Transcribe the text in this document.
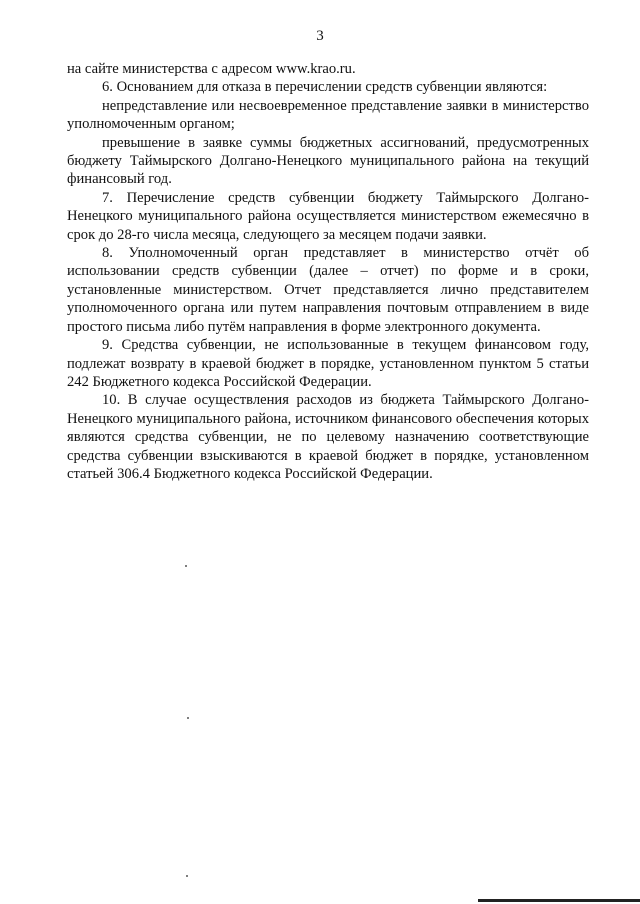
3

на сайте министерства с адресом www.krao.ru.

6. Основанием для отказа в перечислении средств субвенции являются:

непредставление или несвоевременное представление заявки в министерство уполномоченным органом;

превышение в заявке суммы бюджетных ассигнований, предусмотренных бюджету Таймырского Долгано-Ненецкого муниципального района на текущий финансовый год.

7. Перечисление средств субвенции бюджету Таймырского Долгано-Ненецкого муниципального района осуществляется министерством ежемесячно в срок до 28-го числа месяца, следующего за месяцем подачи заявки.

8. Уполномоченный орган представляет в министерство отчёт об использовании средств субвенции (далее – отчет) по форме и в сроки, установленные министерством. Отчет представляется лично представителем уполномоченного органа или путем направления почтовым отправлением в виде простого письма либо путём направления в форме электронного документа.

9. Средства субвенции, не использованные в текущем финансовом году, подлежат возврату в краевой бюджет в порядке, установленном пунктом 5 статьи 242 Бюджетного кодекса Российской Федерации.

10. В случае осуществления расходов из бюджета Таймырского Долгано-Ненецкого муниципального района, источником финансового обеспечения которых являются средства субвенции, не по целевому назначению соответствующие средства субвенции взыскиваются в краевой бюджет в порядке, установленном статьей 306.4 Бюджетного кодекса Российской Федерации.
